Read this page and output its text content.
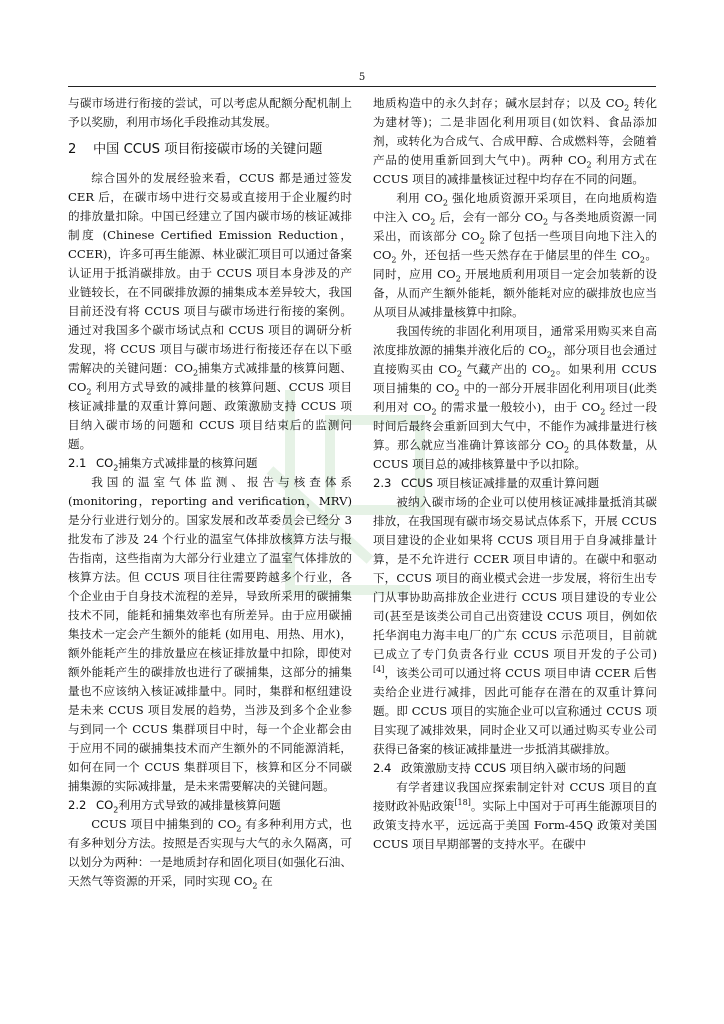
5

与碳市场进行衔接的尝试，可以考虑从配额分配机制上予以奖励，利用市场化手段推动其发展。

2 中国 CCUS 项目衔接碳市场的关键问题

综合国外的发展经验来看，CCUS 都是通过签发 CER 后，在碳市场中进行交易或直接用于企业履约时的排放量扣除。中国已经建立了国内碳市场的核证减排制度 (Chinese Certified Emission Reduction，CCER)，许多可再生能源、林业碳汇项目可以通过备案认证用于抵消碳排放。由于 CCUS 项目本身涉及的产业链较长，在不同碳排放源的捕集成本差异较大，我国目前还没有将 CCUS 项目与碳市场进行衔接的案例。通过对我国多个碳市场试点和 CCUS 项目的调研分析发现，将 CCUS 项目与碳市场进行衔接还存在以下亟需解决的关键问题：$CO_2$捕集方式减排量的核算问题、$CO_2$ 利用方式导致的减排量的核算问题、CCUS 项目核证减排量的双重计算问题、政策激励支持 CCUS 项目纳入碳市场的问题和 CCUS 项目结束后的监测问题。

2.1 $CO_2$捕集方式减排量的核算问题

我国的温室气体监测、报告与核查体系 (monitoring，reporting and verification，MRV)是分行业进行划分的。国家发展和改革委员会已经分 3 批发布了涉及 24 个行业的温室气体排放核算方法与报告指南，这些指南为大部分行业建立了温室气体排放的核算方法。但 CCUS 项目往往需要跨越多个行业，各个企业由于自身技术流程的差异，导致所采用的碳捕集技术不同，能耗和捕集效率也有所差异。由于应用碳捕集技术一定会产生额外的能耗 (如用电、用热、用水)，额外能耗产生的排放量应在核证排放量中扣除，即使对额外能耗产生的碳排放也进行了碳捕集，这部分的捕集量也不应该纳入核证减排量中。同时，集群和枢纽建设是未来 CCUS 项目发展的趋势，当涉及到多个企业参与到同一个 CCUS 集群项目中时，每一个企业都会由于应用不同的碳捕集技术而产生额外的不同能源消耗，如何在同一个 CCUS 集群项目下，核算和区分不同碳捕集源的实际减排量，是未来需要解决的关键问题。

2.2 $CO_2$利用方式导致的减排量核算问题

CCUS 项目中捕集到的 $CO_2$ 有多种利用方式，也有多种划分方法。按照是否实现与大气的永久隔离，可以划分为两种：一是地质封存和固化项目(如强化石油、天然气等资源的开采，同时实现 $CO_2$ 在

地质构造中的永久封存；碱水层封存；以及 $CO_2$ 转化为建材等)；二是非固化利用项目(如饮料、食品添加剂，或转化为合成气、合成甲醇、合成燃料等，会随着产品的使用重新回到大气中)。两种 $CO_2$ 利用方式在 CCUS 项目的减排量核证过程中均存在不同的问题。

利用 $CO_2$ 强化地质资源开采项目，在向地质构造中注入 $CO_2$ 后，会有一部分 $CO_2$ 与各类地质资源一同采出，而该部分 $CO_2$ 除了包括一些项目向地下注入的 $CO_2$ 外，还包括一些天然存在于储层里的伴生 $CO_2$。同时，应用 $CO_2$ 开展地质利用项目一定会加装新的设备，从而产生额外能耗，额外能耗对应的碳排放也应当从项目从减排量核算中扣除。

我国传统的非固化利用项目，通常采用购买来自高浓度排放源的捕集并液化后的 $CO_2$，部分项目也会通过直接购买由 $CO_2$ 气藏产出的 $CO_2$。如果利用 CCUS 项目捕集的 $CO_2$ 中的一部分开展非固化利用项目(此类利用对 $CO_2$ 的需求量一般较小)，由于 $CO_2$ 经过一段时间后最终会重新回到大气中，不能作为减排量进行核算。那么就应当准确计算该部分 $CO_2$ 的具体数量，从 CCUS 项目总的减排核算量中予以扣除。

2.3 CCUS 项目核证减排量的双重计算问题

被纳入碳市场的企业可以使用核证减排量抵消其碳排放，在我国现有碳市场交易试点体系下，开展 CCUS 项目建设的企业如果将 CCUS 项目用于自身减排量计算，是不允许进行 CCER 项目申请的。在碳中和驱动下，CCUS 项目的商业模式会进一步发展，将衍生出专门从事协助高排放企业进行 CCUS 项目建设的专业公司(甚至是该类公司自己出资建设 CCUS 项目，例如依托华润电力海丰电厂的广东 CCUS 示范项目，目前就已成立了专门负责各行业 CCUS 项目开发的子公司)[4]，该类公司可以通过将 CCUS 项目申请 CCER 后售卖给企业进行减排，因此可能存在潜在的双重计算问题。即 CCUS 项目的实施企业可以宣称通过 CCUS 项目实现了减排效果，同时企业又可以通过购买专业公司获得已备案的核证减排量进一步抵消其碳排放。

2.4 政策激励支持 CCUS 项目纳入碳市场的问题

有学者建议我国应探索制定针对 CCUS 项目的直接财政补贴政策[18]。实际上中国对于可再生能源项目的政策支持水平，远远高于美国 Form-45Q 政策对美国 CCUS 项目早期部署的支持水平。在碳中
